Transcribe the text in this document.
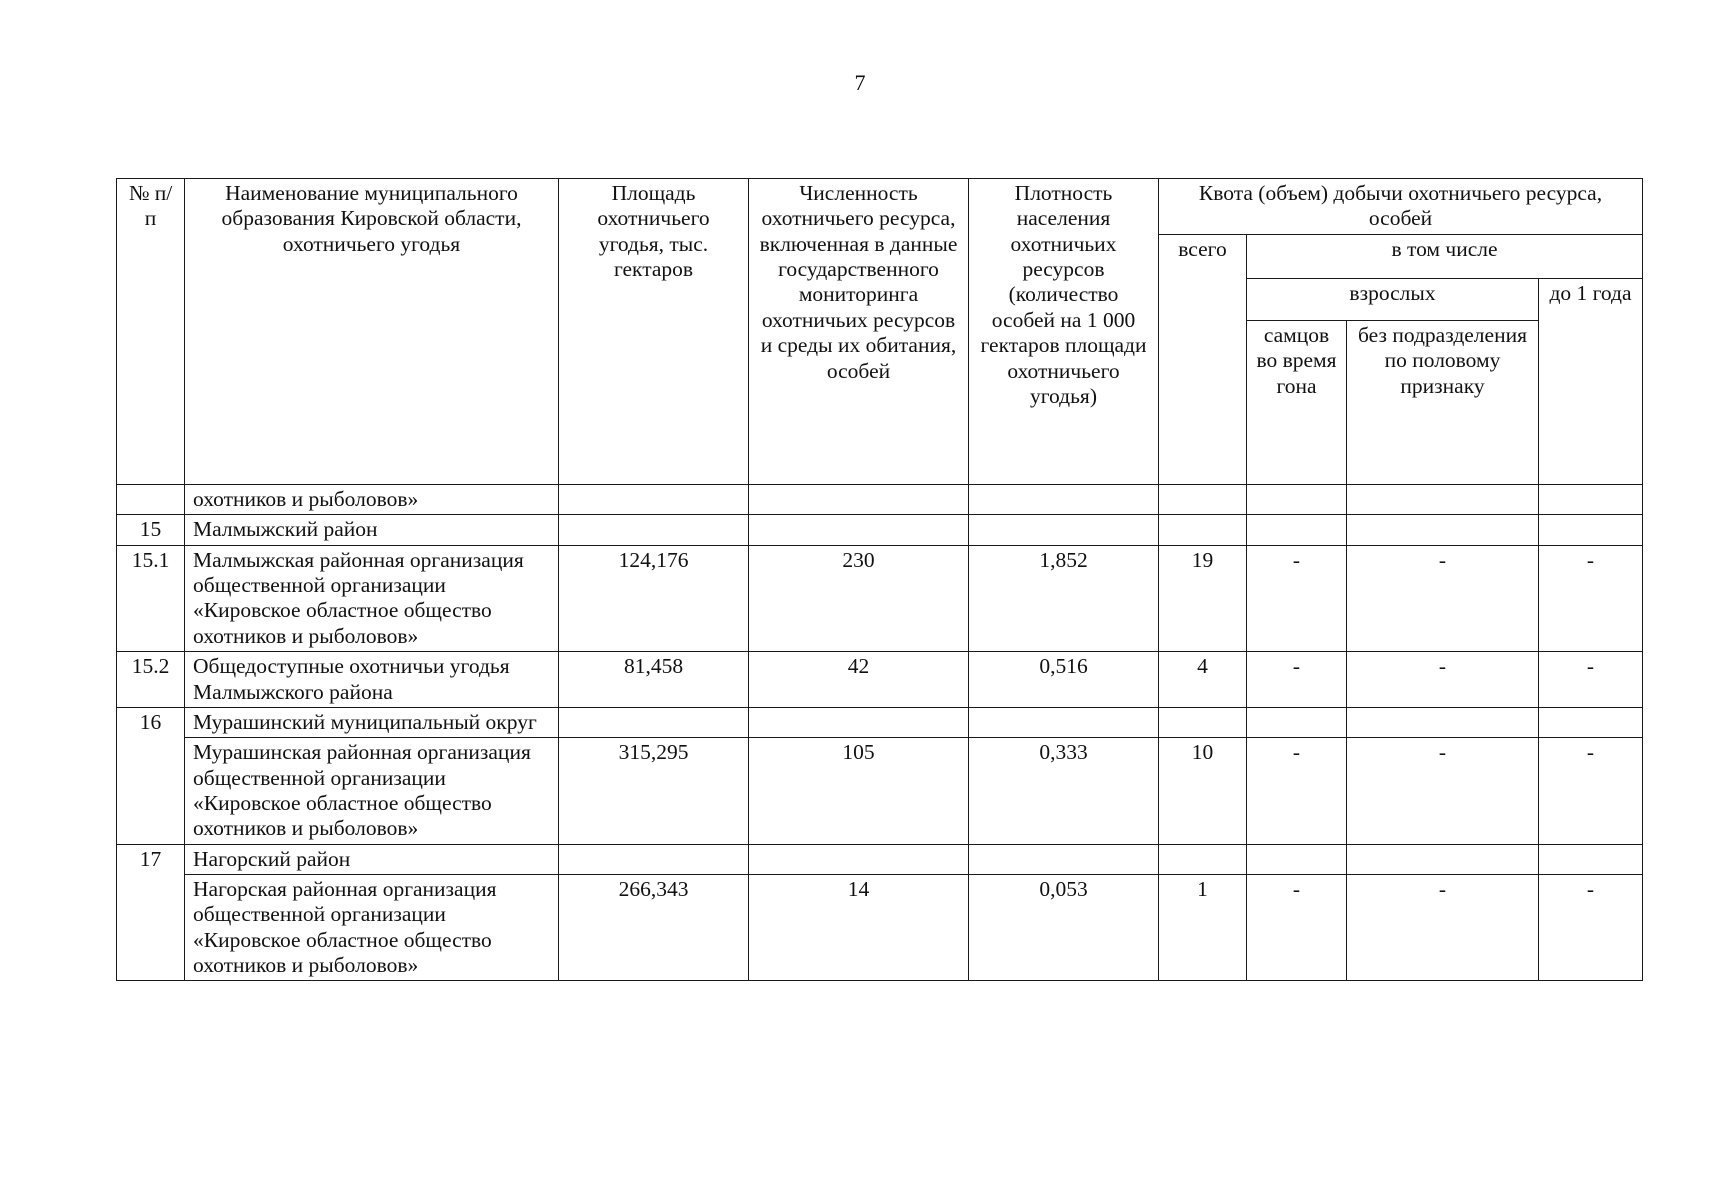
7
№ п/п	Наименование муниципального образования Кировской области, охотничьего угодья	Площадь охотничьего угодья, тыс. гектаров	Численность охотничьего ресурса, включенная в данные государственного мониторинга охотничьих ресурсов и среды их обитания, особей	Плотность населения охотничьих ресурсов (количество особей на 1 000 гектаров площади охотничьего угодья)	Квота (объем) добычи охотничьего ресурса, особей			
					всего	в том числе		
						взрослых		до 1 года
						самцов во время гона	без подразделения по половому признаку	
	охотников и рыболовов»							
15	Малмыжский район							
15.1	Малмыжская районная организация общественной организации «Кировское областное общество охотников и рыболовов»	124,176	230	1,852	19	-	-	-
15.2	Общедоступные охотничьи угодья Малмыжского района	81,458	42	0,516	4	-	-	-
16	Мурашинский муниципальный округ							
	Мурашинская районная организация общественной организации «Кировское областное общество охотников и рыболовов»	315,295	105	0,333	10	-	-	-
17	Нагорский район							
	Нагорская районная организация общественной организации «Кировское областное общество охотников и рыболовов»	266,343	14	0,053	1	-	-	-
